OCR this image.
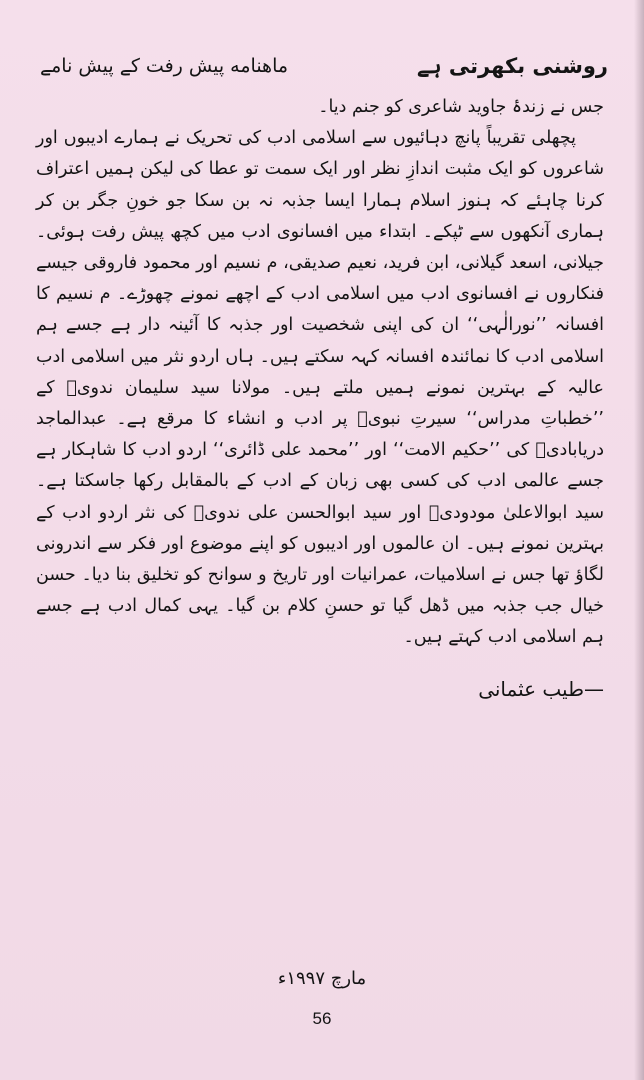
روشنی بکھرتی ہے
ماهنامه پیش رفت کے پیش نامے

جس نے زندۂ جاوید شاعری کو جنم دیا۔

پچھلی تقریباً پانچ دہائیوں سے اسلامی ادب کی تحریک نے ہمارے ادیبوں اور شاعروں کو ایک مثبت اندازِ نظر اور ایک سمت تو عطا کی لیکن ہمیں اعتراف کرنا چاہئے کہ ہنوز اسلام ہمارا ایسا جذبہ نہ بن سکا جو خونِ جگر بن کر ہماری آنکھوں سے ٹپکے۔ ابتداء میں افسانوی ادب میں کچھ پیش رفت ہوئی۔ جیلانی، اسعد گیلانی، ابن فرید، نعیم صدیقی، م نسیم اور محمود فاروقی جیسے فنکاروں نے افسانوی ادب میں اسلامی ادب کے اچھے نمونے چھوڑے۔ م نسیم کا افسانہ ’’نورالٰہی‘‘ ان کی اپنی شخصیت اور جذبہ کا آئینہ دار ہے جسے ہم اسلامی ادب کا نمائندہ افسانہ کہہ سکتے ہیں۔ ہاں اردو نثر میں اسلامی ادب عالیہ کے بہترین نمونے ہمیں ملتے ہیں۔ مولانا سید سلیمان ندویؒ کے ’’خطباتِ مدراس‘‘ سیرتِ نبویؐ پر ادب و انشاء کا مرقع ہے۔ عبدالماجد دریابادیؒ کی ’’حکیم الامت‘‘ اور ’’محمد علی ڈائری‘‘ اردو ادب کا شاہکار ہے جسے عالمی ادب کی کسی بھی زبان کے ادب کے بالمقابل رکھا جاسکتا ہے۔ سید ابوالاعلیٰ مودودیؒ اور سید ابوالحسن علی ندویؒ کی نثر اردو ادب کے بہترین نمونے ہیں۔ ان عالموں اور ادیبوں کو اپنے موضوع اور فکر سے اندرونی لگاؤ تھا جس نے اسلامیات، عمرانیات اور تاریخ و سوانح کو تخلیق بنا دیا۔ حسن خیال جب جذبہ میں ڈھل گیا تو حسنِ کلام بن گیا۔ یہی کمال ادب ہے جسے ہم اسلامی ادب کہتے ہیں۔

—طیب عثمانی
مارچ ۱۹۹۷ء
56
